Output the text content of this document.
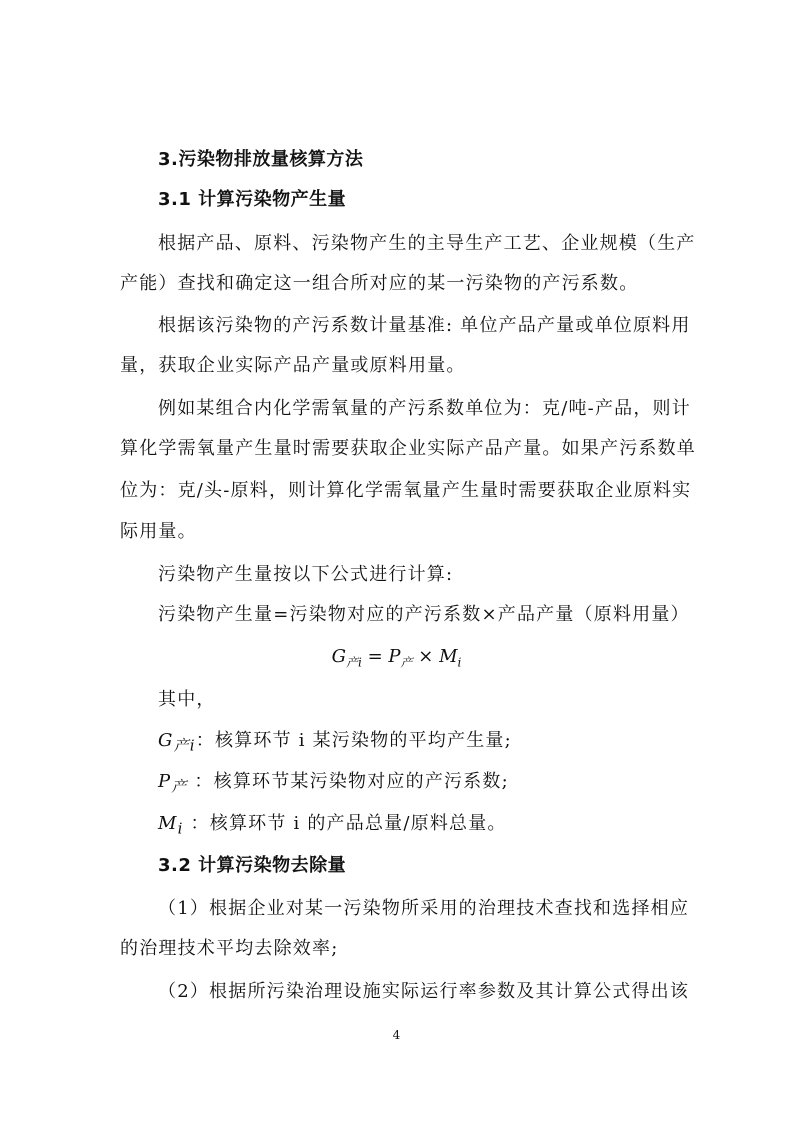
3.污染物排放量核算方法
3.1 计算污染物产生量
根据产品、原料、污染物产生的主导生产工艺、企业规模（生产
产能）查找和确定这一组合所对应的某一污染物的产污系数。
根据该污染物的产污系数计量基准: 单位产品产量或单位原料用
量，获取企业实际产品产量或原料用量。
例如某组合内化学需氧量的产污系数单位为：克/吨-产品，则计
算化学需氧量产生量时需要获取企业实际产品产量。如果产污系数单
位为：克/头-原料，则计算化学需氧量产生量时需要获取企业原料实
际用量。
污染物产生量按以下公式进行计算:
污染物产生量=污染物对应的产污系数×产品产量（原料用量）
$G_{产i} = P_产 \times M_i$
其中，
$G_{产i}$：核算环节 i 某污染物的平均产生量;
$P_产$ ：核算环节某污染物对应的产污系数;
$M_i$ ：核算环节 i 的产品总量/原料总量。
3.2 计算污染物去除量
（1）根据企业对某一污染物所采用的治理技术查找和选择相应
的治理技术平均去除效率;
（2）根据所污染治理设施实际运行率参数及其计算公式得出该
4
